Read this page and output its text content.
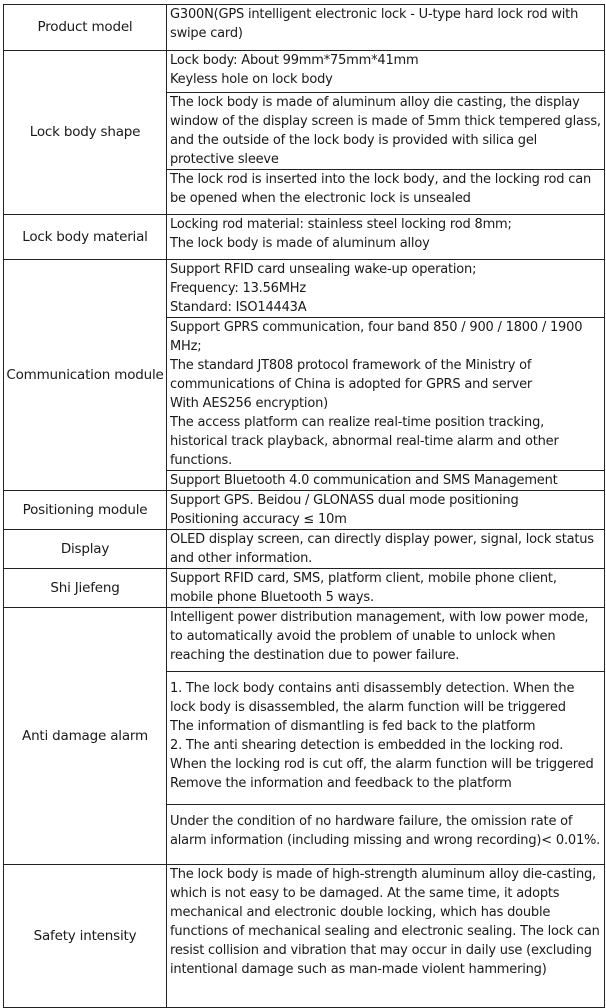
Product model	G300N(GPS intelligent electronic lock - U-type hard lock rod with swipe card)

Lock body shape	Lock body: About 99mm*75mm*41mm
Keyless hole on lock body

	The lock body is made of aluminum alloy die casting, the display window of the display screen is made of 5mm thick tempered glass, and the outside of the lock body is provided with silica gel protective sleeve

	The lock rod is inserted into the lock body, and the locking rod can be opened when the electronic lock is unsealed

Lock body material	Locking rod material: stainless steel locking rod 8mm;
The lock body is made of aluminum alloy

Communication module	Support RFID card unsealing wake-up operation;
Frequency: 13.56MHz
Standard: ISO14443A

	Support GPRS communication, four band 850 / 900 / 1800 / 1900 MHz;
The standard JT808 protocol framework of the Ministry of communications of China is adopted for GPRS and server
With AES256 encryption)
The access platform can realize real-time position tracking, historical track playback, abnormal real-time alarm and other functions.

	Support Bluetooth 4.0 communication and SMS Management

Positioning module	Support GPS. Beidou / GLONASS dual mode positioning
Positioning accuracy ≤ 10m

Display	OLED display screen, can directly display power, signal, lock status and other information.

Shi Jiefeng	Support RFID card, SMS, platform client, mobile phone client, mobile phone Bluetooth 5 ways.

Anti damage alarm	Intelligent power distribution management, with low power mode, to automatically avoid the problem of unable to unlock when reaching the destination due to power failure.

	1. The lock body contains anti disassembly detection. When the lock body is disassembled, the alarm function will be triggered
The information of dismantling is fed back to the platform
2. The anti shearing detection is embedded in the locking rod. When the locking rod is cut off, the alarm function will be triggered
Remove the information and feedback to the platform

	Under the condition of no hardware failure, the omission rate of alarm information (including missing and wrong recording)< 0.01%.

Safety intensity	The lock body is made of high-strength aluminum alloy die-casting, which is not easy to be damaged. At the same time, it adopts mechanical and electronic double locking, which has double functions of mechanical sealing and electronic sealing. The lock can resist collision and vibration that may occur in daily use (excluding intentional damage such as man-made violent hammering)
